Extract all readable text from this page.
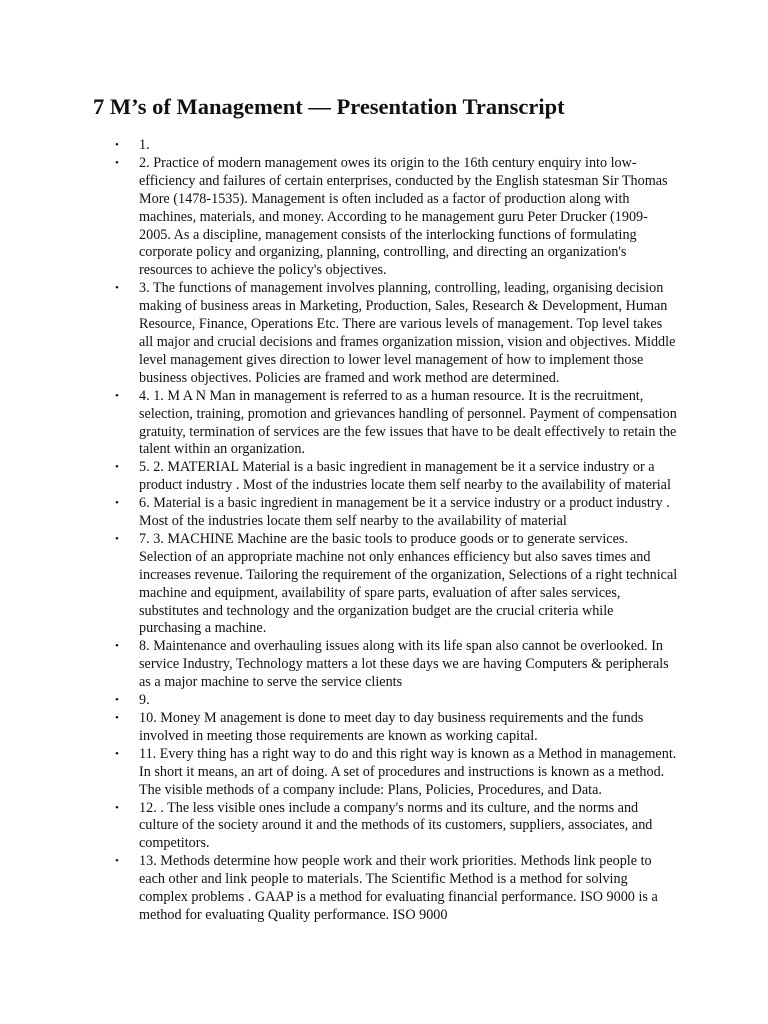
7 M’s of Management — Presentation Transcript
• 1.
• 2. Practice of modern management owes its origin to the 16th century enquiry into low-efficiency and failures of certain enterprises, conducted by the English statesman Sir Thomas More (1478-1535). Management is often included as a factor of production along with machines, materials, and money. According to he management guru Peter Drucker (1909-2005. As a discipline, management consists of the interlocking functions of formulating corporate policy and organizing, planning, controlling, and directing an organization's resources to achieve the policy's objectives.
• 3. The functions of management involves planning, controlling, leading, organising decision making of business areas in Marketing, Production, Sales, Research & Development, Human Resource, Finance, Operations Etc. There are various levels of management. Top level takes all major and crucial decisions and frames organization mission, vision and objectives. Middle level management gives direction to lower level management of how to implement those business objectives. Policies are framed and work method are determined.
• 4. 1. M A N Man in management is referred to as a human resource. It is the recruitment, selection, training, promotion and grievances handling of personnel. Payment of compensation gratuity, termination of services are the few issues that have to be dealt effectively to retain the talent within an organization.
• 5. 2. MATERIAL Material is a basic ingredient in management be it a service industry or a product industry . Most of the industries locate them self nearby to the availability of material
• 6. Material is a basic ingredient in management be it a service industry or a product industry . Most of the industries locate them self nearby to the availability of material
• 7. 3. MACHINE Machine are the basic tools to produce goods or to generate services. Selection of an appropriate machine not only enhances efficiency but also saves times and increases revenue. Tailoring the requirement of the organization, Selections of a right technical machine and equipment, availability of spare parts, evaluation of after sales services, substitutes and technology and the organization budget are the crucial criteria while purchasing a machine.
• 8. Maintenance and overhauling issues along with its life span also cannot be overlooked. In service Industry, Technology matters a lot these days we are having Computers & peripherals as a major machine to serve the service clients
• 9.
• 10. Money M anagement is done to meet day to day business requirements and the funds involved in meeting those requirements are known as working capital.
• 11. Every thing has a right way to do and this right way is known as a Method in management. In short it means, an art of doing. A set of procedures and instructions is known as a method. The visible methods of a company include: Plans, Policies, Procedures, and Data.
• 12. . The less visible ones include a company's norms and its culture, and the norms and culture of the society around it and the methods of its customers, suppliers, associates, and competitors.
• 13. Methods determine how people work and their work priorities. Methods link people to each other and link people to materials. The Scientific Method is a method for solving complex problems . GAAP is a method for evaluating financial performance. ISO 9000 is a method for evaluating Quality performance. ISO 9000
